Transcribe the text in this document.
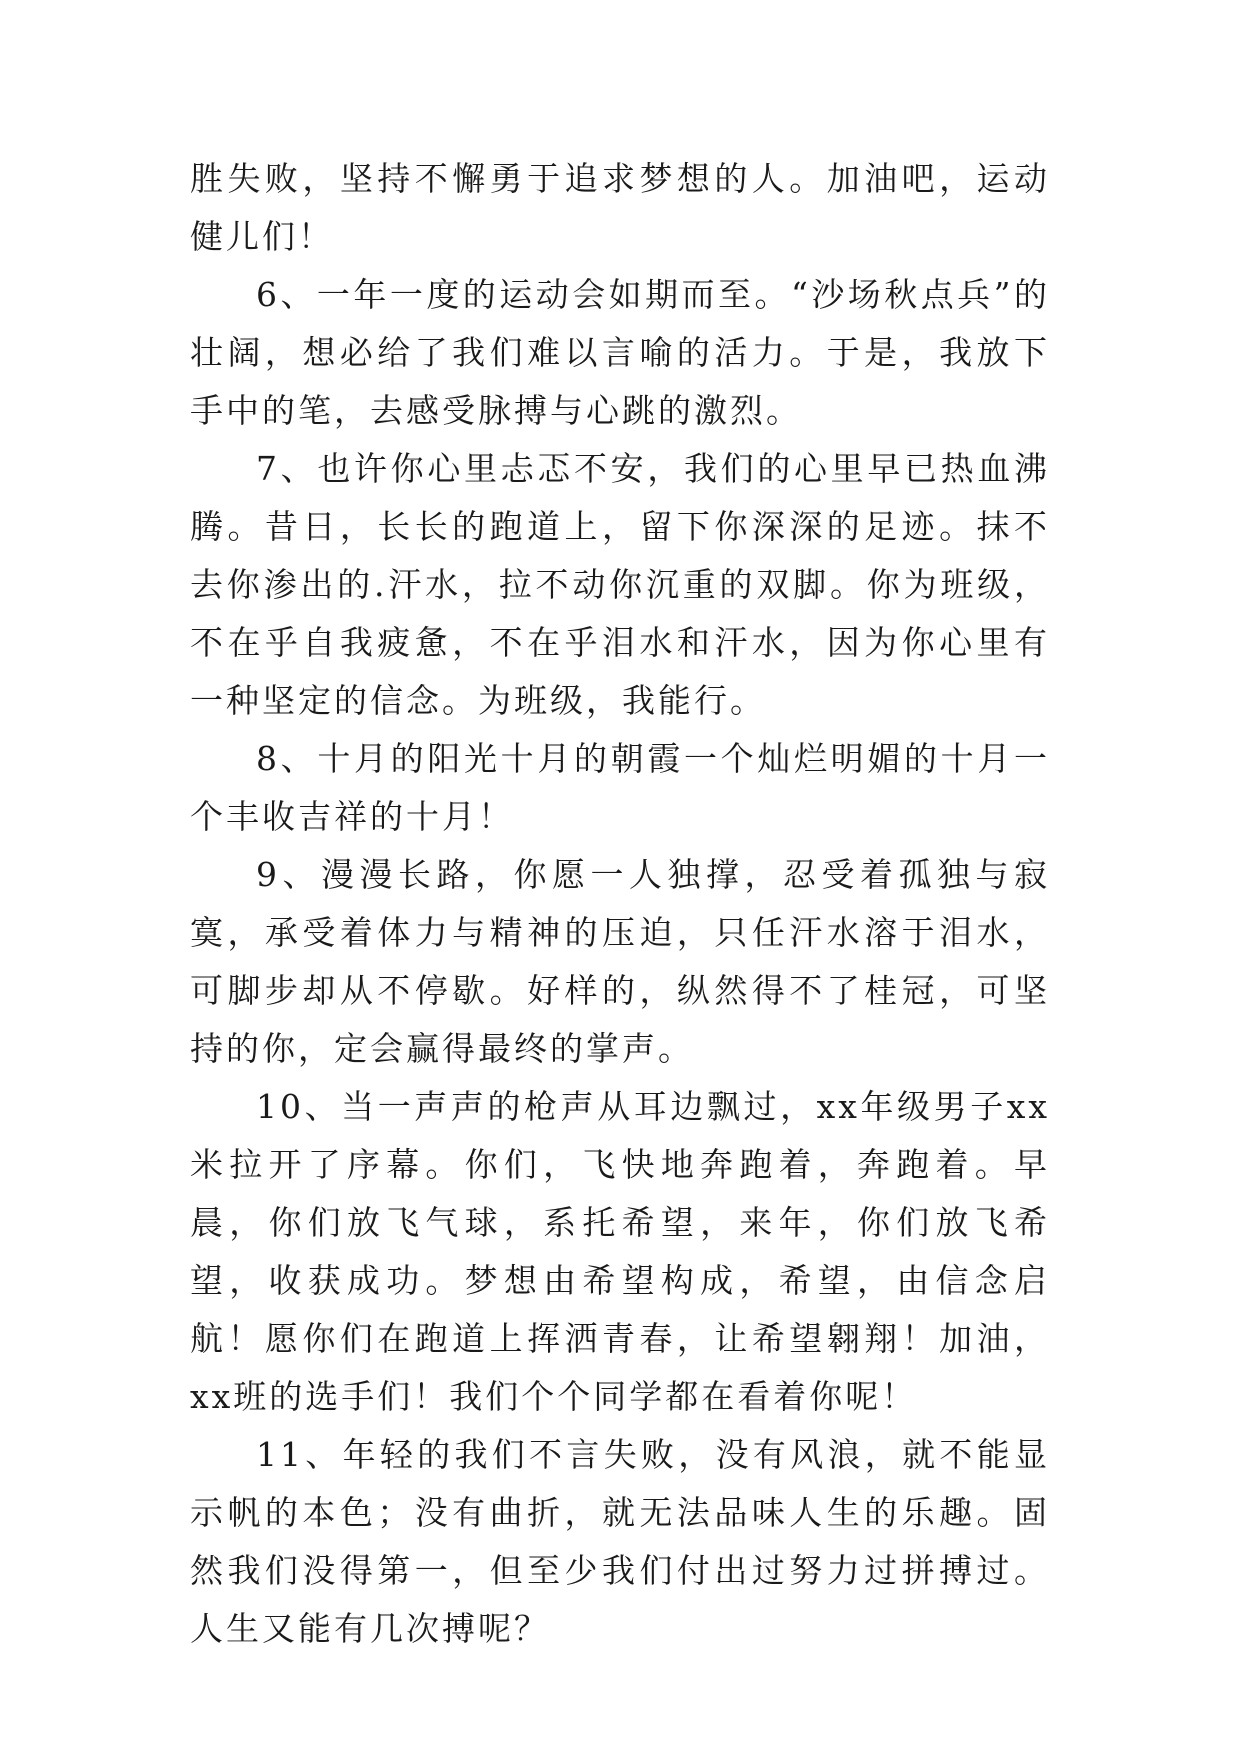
胜失败，坚持不懈勇于追求梦想的人。加油吧，运动健儿们！

6、一年一度的运动会如期而至。“沙场秋点兵”的壮阔，想必给了我们难以言喻的活力。于是，我放下手中的笔，去感受脉搏与心跳的激烈。

7、也许你心里忐忑不安，我们的心里早已热血沸腾。昔日，长长的跑道上，留下你深深的足迹。抹不去你渗出的.汗水，拉不动你沉重的双脚。你为班级，不在乎自我疲惫，不在乎泪水和汗水，因为你心里有一种坚定的信念。为班级，我能行。

8、十月的阳光十月的朝霞一个灿烂明媚的十月一个丰收吉祥的十月！

9、漫漫长路，你愿一人独撑，忍受着孤独与寂寞，承受着体力与精神的压迫，只任汗水溶于泪水，可脚步却从不停歇。好样的，纵然得不了桂冠，可坚持的你，定会赢得最终的掌声。

10、当一声声的枪声从耳边飘过，xx年级男子xx米拉开了序幕。你们，飞快地奔跑着，奔跑着。早晨，你们放飞气球，系托希望，来年，你们放飞希望，收获成功。梦想由希望构成，希望，由信念启航！愿你们在跑道上挥洒青春，让希望翱翔！加油，xx班的选手们！我们个个同学都在看着你呢！

11、年轻的我们不言失败，没有风浪，就不能显示帆的本色；没有曲折，就无法品味人生的乐趣。固然我们没得第一，但至少我们付出过努力过拼搏过。人生又能有几次搏呢？
